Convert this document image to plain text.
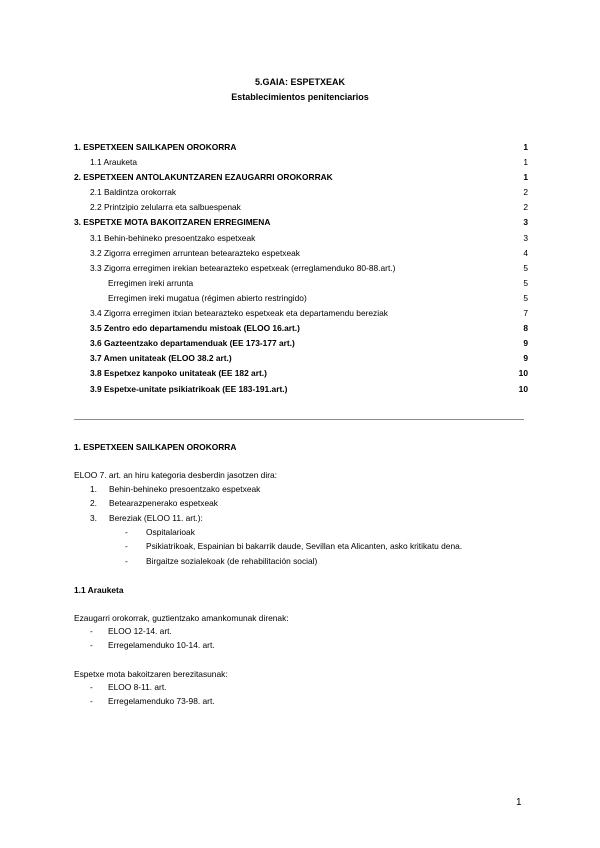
5.GAIA: ESPETXEAK
Establecimientos penitenciarios
1. ESPETXEEN SAILKAPEN OROKORRA	1
1.1 Arauketa	1
2. ESPETXEEN ANTOLAKUNTZAREN EZAUGARRI OROKORRAK	1
2.1 Baldintza orokorrak	2
2.2 Printzipio zelularra eta salbuespenak	2
3. ESPETXE MOTA BAKOITZAREN ERREGIMENA	3
3.1 Behin-behineko presoentzako espetxeak	3
3.2 Zigorra erregimen arruntean betearazteko espetxeak	4
3.3 Zigorra erregimen irekian betearazteko espetxeak (erreglamenduko 80-88.art.)	5
Erregimen ireki arrunta	5
Erregimen ireki mugatua (régimen abierto restringido)	5
3.4 Zigorra erregimen itxian betearazteko espetxeak eta departamendu bereziak	7
3.5 Zentro edo departamendu mistoak (ELOO 16.art.)	8
3.6 Gazteentzako departamenduak (EE 173-177 art.)	9
3.7 Amen unitateak (ELOO 38.2 art.)	9
3.8 Espetxez kanpoko unitateak (EE 182 art.)	10
3.9 Espetxe-unitate psikiatrikoak (EE 183-191.art.)	10
1. ESPETXEEN SAILKAPEN OROKORRA
ELOO 7. art. an hiru kategoria desberdin jasotzen dira:
1. Behin-behineko presoentzako espetxeak
2. Betearazpenerako espetxeak
3. Bereziak (ELOO 11. art.):
- Ospitalarioak
- Psikiatrikoak, Espainian bi bakarrik daude, Sevillan eta Alicanten, asko kritikatu dena.
- Birgaitze sozialekoak (de rehabilitación social)
1.1 Arauketa
Ezaugarri orokorrak, guztientzako amankomunak direnak:
- ELOO 12-14. art.
- Erregelamenduko 10-14. art.
Espetxe mota bakoitzaren berezitasunak:
- ELOO 8-11. art.
- Erregelamenduko 73-98. art.
1
